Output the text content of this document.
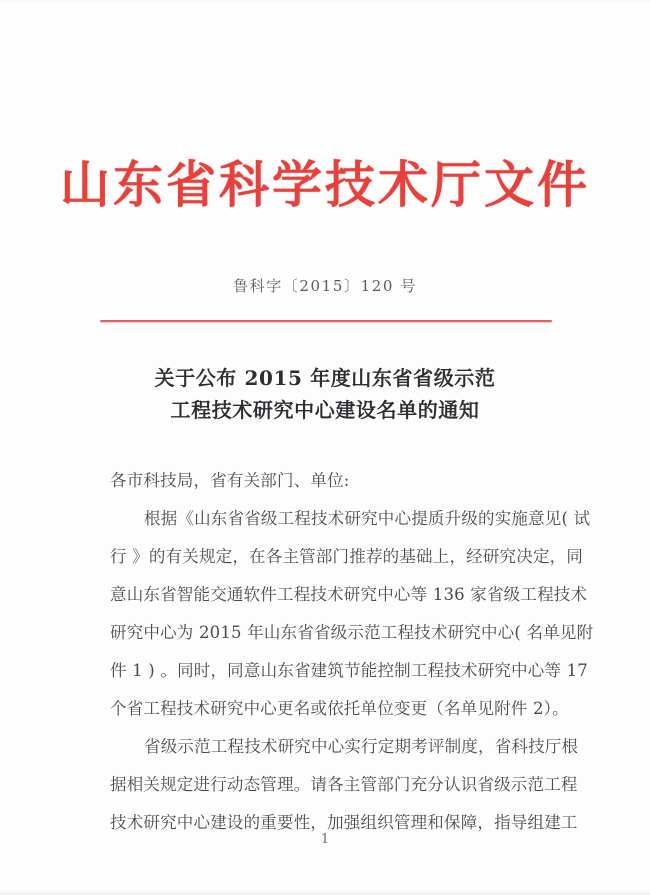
山东省科学技术厅文件
鲁科字〔2015〕120 号
关于公布 2015 年度山东省省级示范
工程技术研究中心建设名单的通知
各市科技局，省有关部门、单位:
根据《山东省省级工程技术研究中心提质升级的实施意见( 试
行 》的有关规定，在各主管部门推荐的基础上，经研究决定，同
意山东省智能交通软件工程技术研究中心等 136 家省级工程技术
研究中心为 2015 年山东省省级示范工程技术研究中心( 名单见附
件 1 ) 。同时，同意山东省建筑节能控制工程技术研究中心等 17
个省工程技术研究中心更名或依托单位变更（名单见附件 2）。
省级示范工程技术研究中心实行定期考评制度，省科技厅根
据相关规定进行动态管理。请各主管部门充分认识省级示范工程
技术研究中心建设的重要性，加强组织管理和保障，指导组建工
1
